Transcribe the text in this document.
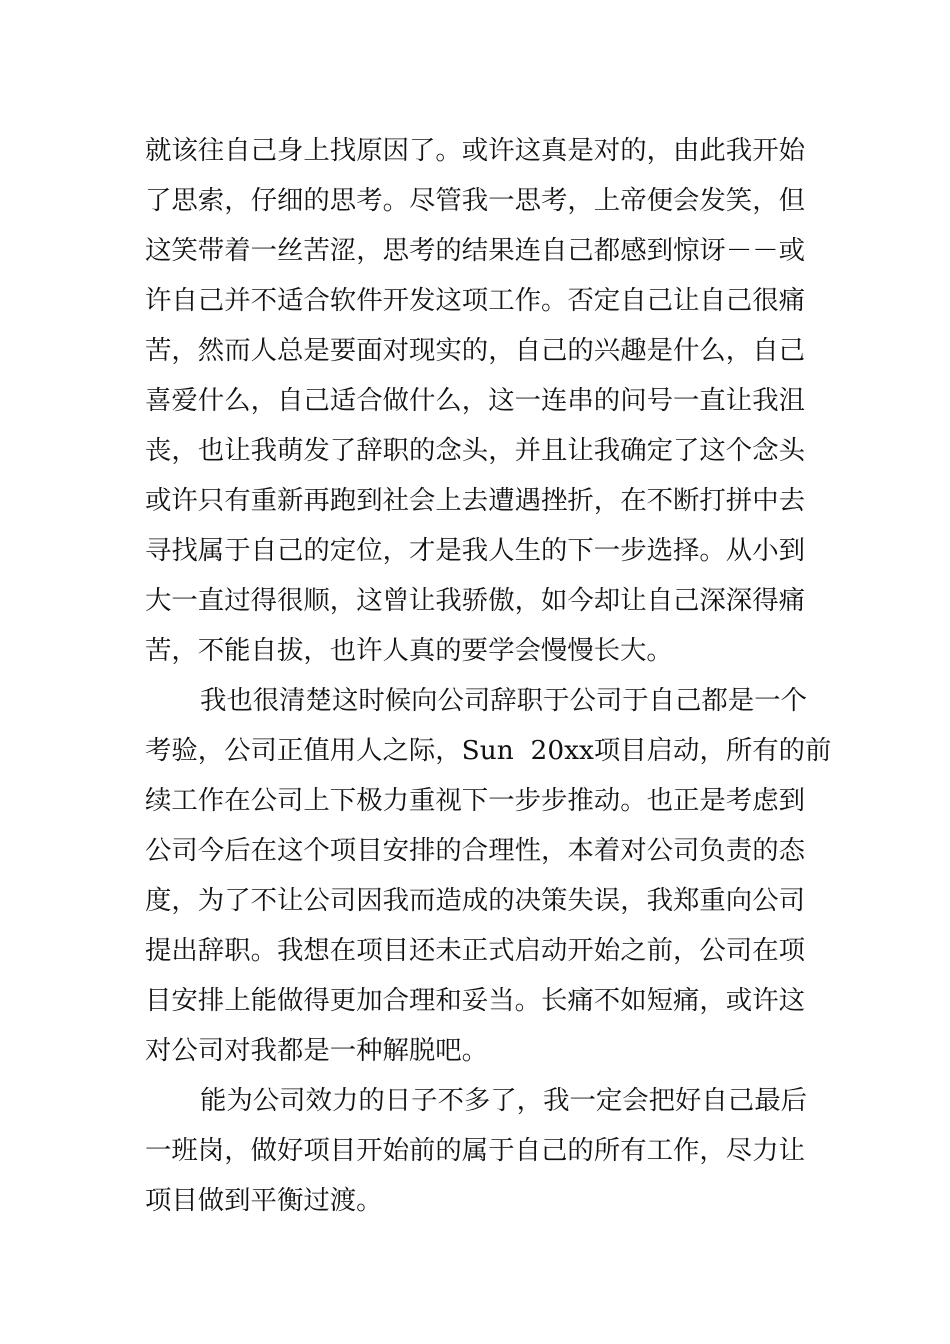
就该往自己身上找原因了。或许这真是对的，由此我开始
了思索，仔细的思考。尽管我一思考，上帝便会发笑，但
这笑带着一丝苦涩，思考的结果连自己都感到惊讶－－或
许自己并不适合软件开发这项工作。否定自己让自己很痛
苦，然而人总是要面对现实的，自己的兴趣是什么，自己
喜爱什么，自己适合做什么，这一连串的问号一直让我沮
丧，也让我萌发了辞职的念头，并且让我确定了这个念头
或许只有重新再跑到社会上去遭遇挫折，在不断打拼中去
寻找属于自己的定位，才是我人生的下一步选择。从小到
大一直过得很顺，这曾让我骄傲，如今却让自己深深得痛
苦，不能自拔，也许人真的要学会慢慢长大。
我也很清楚这时候向公司辞职于公司于自己都是一个
考验，公司正值用人之际，Sun  20xx项目启动，所有的前
续工作在公司上下极力重视下一步步推动。也正是考虑到
公司今后在这个项目安排的合理性，本着对公司负责的态
度，为了不让公司因我而造成的决策失误，我郑重向公司
提出辞职。我想在项目还未正式启动开始之前，公司在项
目安排上能做得更加合理和妥当。长痛不如短痛，或许这
对公司对我都是一种解脱吧。
能为公司效力的日子不多了，我一定会把好自己最后
一班岗，做好项目开始前的属于自己的所有工作，尽力让
项目做到平衡过渡。
